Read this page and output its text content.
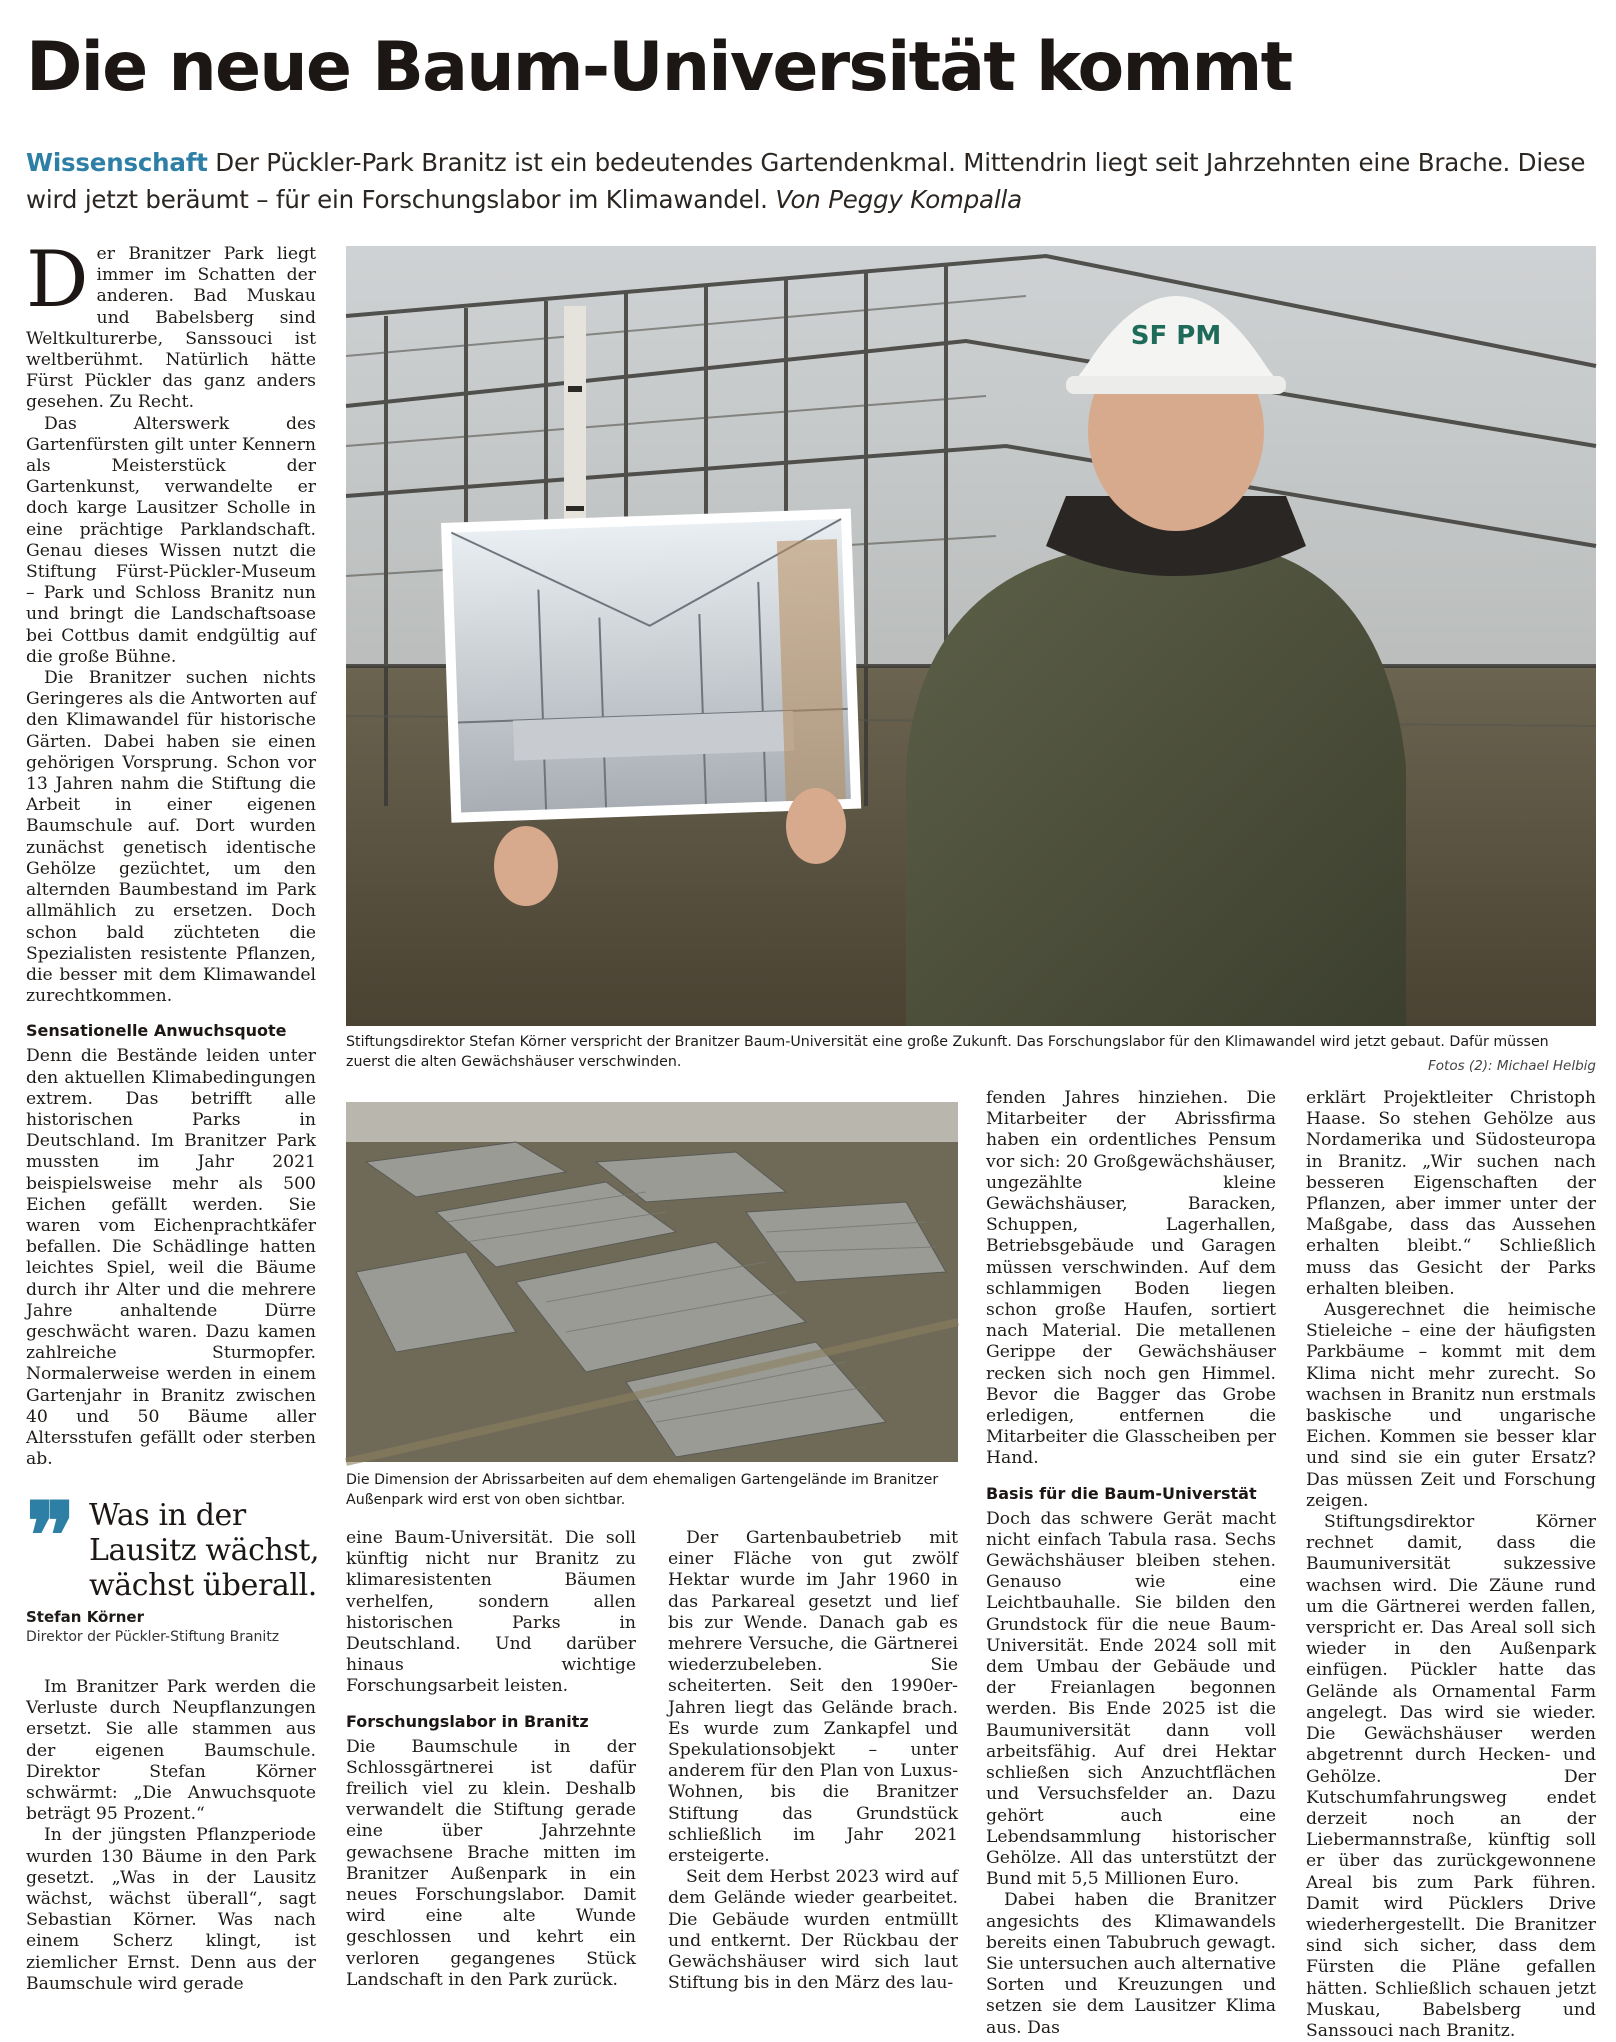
Die neue Baum-Universität kommt
Wissenschaft Der Pückler-Park Branitz ist ein bedeutendes Gartendenkmal. Mittendrin liegt seit Jahrzehnten eine Brache. Diese wird jetzt beräumt – für ein Forschungslabor im Klimawandel. Von Peggy Kompalla

Der Branitzer Park liegt immer im Schatten der anderen. Bad Muskau und Babelsberg sind Weltkulturerbe, Sanssouci ist weltberühmt. Natürlich hätte Fürst Pückler das ganz anders gesehen. Zu Recht.

Das Alterswerk des Gartenfürsten gilt unter Kennern als Meisterstück der Gartenkunst, verwandelte er doch karge Lausitzer Scholle in eine prächtige Parklandschaft. Genau dieses Wissen nutzt die Stiftung Fürst-Pückler-Museum – Park und Schloss Branitz nun und bringt die Landschaftsoase bei Cottbus damit endgültig auf die große Bühne.

Die Branitzer suchen nichts Geringeres als die Antworten auf den Klimawandel für historische Gärten. Dabei haben sie einen gehörigen Vorsprung. Schon vor 13 Jahren nahm die Stiftung die Arbeit in einer eigenen Baumschule auf. Dort wurden zunächst genetisch identische Gehölze gezüchtet, um den alternden Baumbestand im Park allmählich zu ersetzen. Doch schon bald züchteten die Spezialisten resistente Pflanzen, die besser mit dem Klimawandel zurechtkommen.

Sensationelle Anwuchsquote

Denn die Bestände leiden unter den aktuellen Klimabedingungen extrem. Das betrifft alle historischen Parks in Deutschland. Im Branitzer Park mussten im Jahr 2021 beispielsweise mehr als 500 Eichen gefällt werden. Sie waren vom Eichenprachtkäfer befallen. Die Schädlinge hatten leichtes Spiel, weil die Bäume durch ihr Alter und die mehrere Jahre anhaltende Dürre geschwächt waren. Dazu kamen zahlreiche Sturmopfer. Normalerweise werden in einem Gartenjahr in Branitz zwischen 40 und 50 Bäume aller Altersstufen gefällt oder sterben ab.

SF PM
Stiftungsdirektor Stefan Körner verspricht der Branitzer Baum-Universität eine große Zukunft. Das Forschungslabor für den Klimawandel wird jetzt gebaut. Dafür müssen zuerst die alten Gewächshäuser verschwinden.	Fotos (2): Michael Helbig
Die Dimension der Abrissarbeiten auf dem ehemaligen Gartengelände im Branitzer Außenpark wird erst von oben sichtbar.
❞ Was in der Lausitz wächst, wächst überall.
Stefan Körner
Direktor der Pückler-Stiftung Branitz

Im Branitzer Park werden die Verluste durch Neupflanzungen ersetzt. Sie alle stammen aus der eigenen Baumschule. Direktor Stefan Körner schwärmt: „Die Anwuchsquote beträgt 95 Prozent.“

In der jüngsten Pflanzperiode wurden 130 Bäume in den Park gesetzt. „Was in der Lausitz wächst, wächst überall“, sagt Sebastian Körner. Was nach einem Scherz klingt, ist ziemlicher Ernst. Denn aus der Baumschule wird gerade

eine Baum-Universität. Die soll künftig nicht nur Branitz zu klimaresistenten Bäumen verhelfen, sondern allen historischen Parks in Deutschland. Und darüber hinaus wichtige Forschungsarbeit leisten.

Forschungslabor in Branitz

Die Baumschule in der Schlossgärtnerei ist dafür freilich viel zu klein. Deshalb verwandelt die Stiftung gerade eine über Jahrzehnte gewachsene Brache mitten im Branitzer Außenpark in ein neues Forschungslabor. Damit wird eine alte Wunde geschlossen und kehrt ein verloren gegangenes Stück Landschaft in den Park zurück.

Der Gartenbaubetrieb mit einer Fläche von gut zwölf Hektar wurde im Jahr 1960 in das Parkareal gesetzt und lief bis zur Wende. Danach gab es mehrere Versuche, die Gärtnerei wiederzubeleben. Sie scheiterten. Seit den 1990er-Jahren liegt das Gelände brach. Es wurde zum Zankapfel und Spekulationsobjekt – unter anderem für den Plan von Luxus-Wohnen, bis die Branitzer Stiftung das Grundstück schließlich im Jahr 2021 ersteigerte.

Seit dem Herbst 2023 wird auf dem Gelände wieder gearbeitet. Die Gebäude wurden entmüllt und entkernt. Der Rückbau der Gewächshäuser wird sich laut Stiftung bis in den März des lau-

fenden Jahres hinziehen. Die Mitarbeiter der Abrissfirma haben ein ordentliches Pensum vor sich: 20 Großgewächshäuser, ungezählte kleine Gewächshäuser, Baracken, Schuppen, Lagerhallen, Betriebsgebäude und Garagen müssen verschwinden. Auf dem schlammigen Boden liegen schon große Haufen, sortiert nach Material. Die metallenen Gerippe der Gewächshäuser recken sich noch gen Himmel. Bevor die Bagger das Grobe erledigen, entfernen die Mitarbeiter die Glasscheiben per Hand.

Basis für die Baum-Universtät

Doch das schwere Gerät macht nicht einfach Tabula rasa. Sechs Gewächshäuser bleiben stehen. Genauso wie eine Leichtbauhalle. Sie bilden den Grundstock für die neue Baum-Universität. Ende 2024 soll mit dem Umbau der Gebäude und der Freianlagen begonnen werden. Bis Ende 2025 ist die Baumuniversität dann voll arbeitsfähig. Auf drei Hektar schließen sich Anzuchtflächen und Versuchsfelder an. Dazu gehört auch eine Lebendsammlung historischer Gehölze. All das unterstützt der Bund mit 5,5 Millionen Euro.

Dabei haben die Branitzer angesichts des Klimawandels bereits einen Tabubruch gewagt. Sie untersuchen auch alternative Sorten und Kreuzungen und setzen sie dem Lausitzer Klima aus. Das

erklärt Projektleiter Christoph Haase. So stehen Gehölze aus Nordamerika und Südosteuropa in Branitz. „Wir suchen nach besseren Eigenschaften der Pflanzen, aber immer unter der Maßgabe, dass das Aussehen erhalten bleibt.“ Schließlich muss das Gesicht der Parks erhalten bleiben.

Ausgerechnet die heimische Stieleiche – eine der häufigsten Parkbäume – kommt mit dem Klima nicht mehr zurecht. So wachsen in Branitz nun erstmals baskische und ungarische Eichen. Kommen sie besser klar und sind sie ein guter Ersatz? Das müssen Zeit und Forschung zeigen.

Stiftungsdirektor Körner rechnet damit, dass die Baumuniversität sukzessive wachsen wird. Die Zäune rund um die Gärtnerei werden fallen, verspricht er. Das Areal soll sich wieder in den Außenpark einfügen. Pückler hatte das Gelände als Ornamental Farm angelegt. Das wird sie wieder. Die Gewächshäuser werden abgetrennt durch Hecken- und Gehölze. Der Kutschumfahrungsweg endet derzeit noch an der Liebermannstraße, künftig soll er über das zurückgewonnene Areal bis zum Park führen. Damit wird Pücklers Drive wiederhergestellt. Die Branitzer sind sich sicher, dass dem Fürsten die Pläne gefallen hätten. Schließlich schauen jetzt Muskau, Babelsberg und Sanssouci nach Branitz.
